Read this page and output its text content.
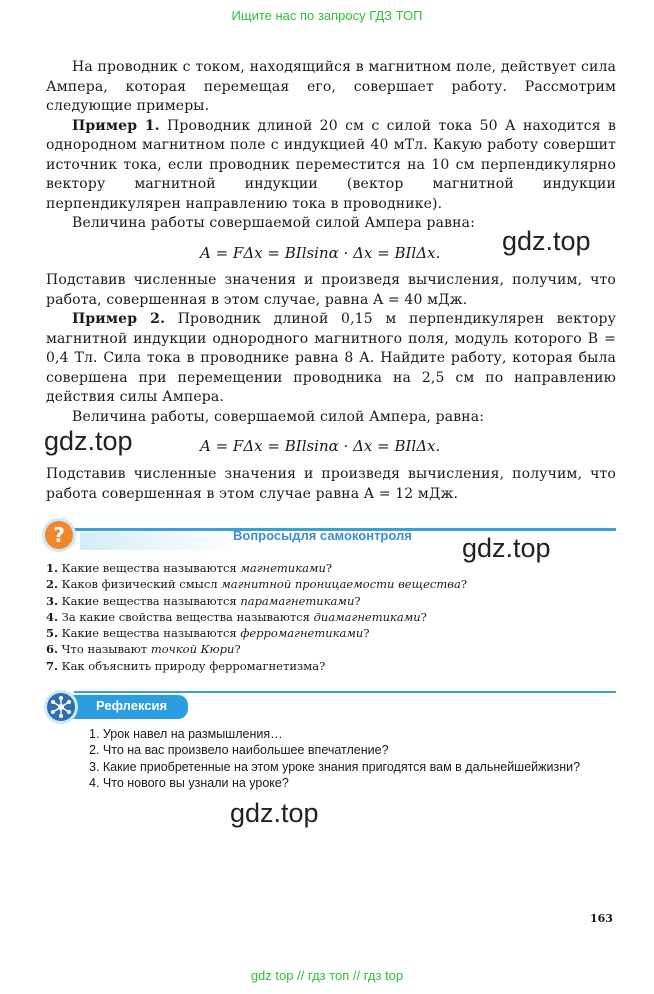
Ищите нас по запросу ГДЗ ТОП

На проводник с током, находящийся в магнитном поле, действует сила Ампера, которая перемещая его, совершает работу. Рассмотрим следующие примеры.

Пример 1. Проводник длиной 20 см с силой тока 50 А находится в однородном магнитном поле с индукцией 40 мТл. Какую работу совершит источник тока, если проводник переместится на 10 см перпендикулярно вектору магнитной индукции (вектор магнитной индукции перпендикулярен направлению тока в проводнике).

Величина работы совершаемой силой Ампера равна:

A = FΔx = BIlsinα · Δx = BIlΔx.

Подставив численные значения и произведя вычисления, получим, что работа, совершенная в этом случае, равна A = 40 мДж.

Пример 2. Проводник длиной 0,15 м перпендикулярен вектору магнитной индукции однородного магнитного поля, модуль которого B = 0,4 Тл. Сила тока в проводнике равна 8 А. Найдите работу, которая была совершена при перемещении проводника на 2,5 см по направлению действия силы Ампера.

Величина работы, совершаемой силой Ампера, равна:

A = FΔx = BIlsinα · Δx = BIlΔx.

Подставив численные значения и произведя вычисления, получим, что работа совершенная в этом случае равна A = 12 мДж.

gdz.top
gdz.top
gdz.top
gdz.top
?	Вопросыдля самоконтроля
1. Какие вещества называются магнетиками?
2. Каков физический смысл магнитной проницаемости вещества?
3. Какие вещества называются парамагнетиками?
4. За какие свойства вещества называются диамагнетиками?
5. Какие вещества называются ферромагнетиками?
6. Что называют точкой Кюри?
7. Как объяснить природу ферромагнетизма?
Рефлексия
1. Урок навел на размышления…
2. Что на вас произвело наибольшее впечатление?
3. Какие приобретенные на этом уроке знания пригодятся вам в дальнейшейжизни?
4. Что нового вы узнали на уроке?
163
gdz top // гдз топ // гдз top
